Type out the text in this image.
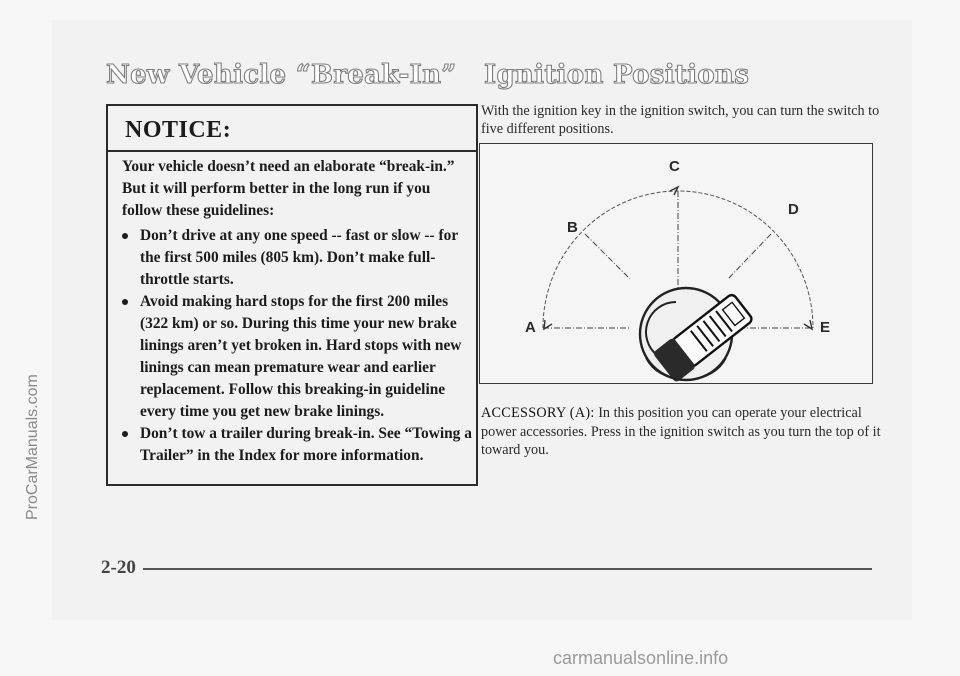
ProCarManuals.com
carmanualsonline.info
New Vehicle “Break-In” Ignition Positions
NOTICE:

Your vehicle doesn’t need an elaborate “break-in.” But it will perform better in the long run if you follow these guidelines:

Don’t drive at any one speed -- fast or slow -- for the first 500 miles (805 km). Don’t make full-throttle starts.
Avoid making hard stops for the first 200 miles (322 km) or so. During this time your new brake linings aren’t yet broken in. Hard stops with new linings can mean premature wear and earlier replacement. Follow this breaking-in guideline every time you get new brake linings.
Don’t tow a trailer during break-in. See “Towing a Trailer” in the Index for more information.
With the ignition key in the ignition switch, you can turn the switch to five different positions.
C
B
D
A	E
ACCESSORY (A): In this position you can operate your electrical power accessories. Press in the ignition switch as you turn the top of it toward you.
2-20
